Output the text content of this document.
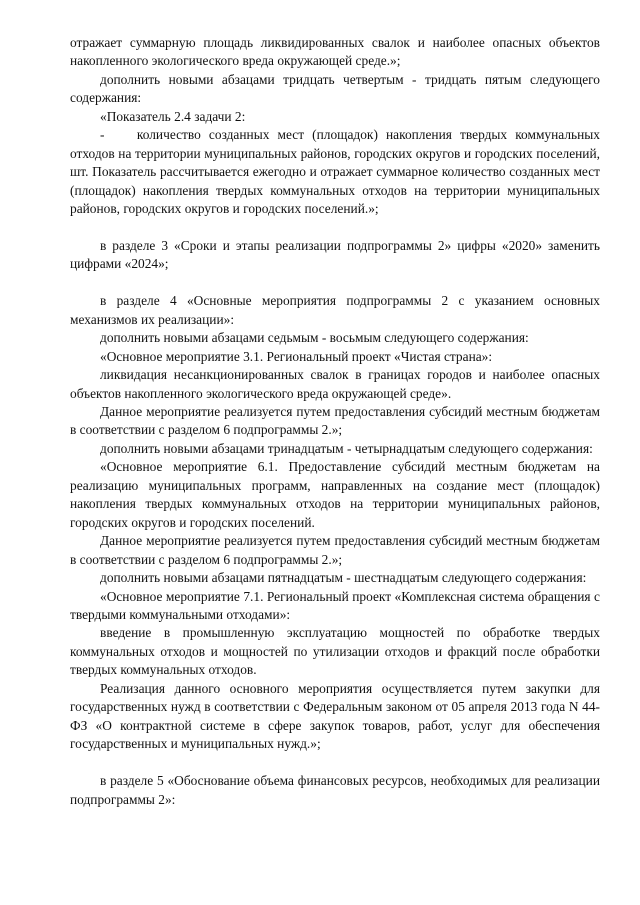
отражает суммарную площадь ликвидированных свалок и наиболее опасных объектов накопленного экологического вреда окружающей среде.»;

дополнить новыми абзацами тридцать четвертым - тридцать пятым следующего содержания:

«Показатель 2.4 задачи 2:

-    количество созданных мест (площадок) накопления твердых коммунальных отходов на территории муниципальных районов, городских округов и городских поселений, шт. Показатель рассчитывается ежегодно и отражает суммарное количество созданных мест (площадок) накопления твердых коммунальных отходов на территории муниципальных районов, городских округов и городских поселений.»;

в разделе 3 «Сроки и этапы реализации подпрограммы 2» цифры «2020» заменить цифрами «2024»;

в разделе 4 «Основные мероприятия подпрограммы 2 с указанием основных механизмов их реализации»:

дополнить новыми абзацами седьмым - восьмым следующего содержания:

«Основное мероприятие 3.1. Региональный проект «Чистая страна»:

ликвидация несанкционированных свалок в границах городов и наиболее опасных объектов накопленного экологического вреда окружающей среде».

Данное мероприятие реализуется путем предоставления субсидий местным бюджетам в соответствии с разделом 6 подпрограммы 2.»;

дополнить новыми абзацами тринадцатым - четырнадцатым следующего содержания:

«Основное мероприятие 6.1. Предоставление субсидий местным бюджетам на реализацию муниципальных программ, направленных на создание мест (площадок) накопления твердых коммунальных отходов на территории муниципальных районов, городских округов и городских поселений.

Данное мероприятие реализуется путем предоставления субсидий местным бюджетам в соответствии с разделом 6 подпрограммы 2.»;

дополнить новыми абзацами пятнадцатым - шестнадцатым следующего содержания:

«Основное мероприятие 7.1. Региональный проект «Комплексная система обращения с твердыми коммунальными отходами»:

введение в промышленную эксплуатацию мощностей по обработке твердых коммунальных отходов и мощностей по утилизации отходов и фракций после обработки твердых коммунальных отходов.

Реализация данного основного мероприятия осуществляется путем закупки для государственных нужд в соответствии с Федеральным законом от 05 апреля 2013 года N 44-ФЗ «О контрактной системе в сфере закупок товаров, работ, услуг для обеспечения государственных и муниципальных нужд.»;

в разделе 5 «Обоснование объема финансовых ресурсов, необходимых для реализации подпрограммы 2»:
